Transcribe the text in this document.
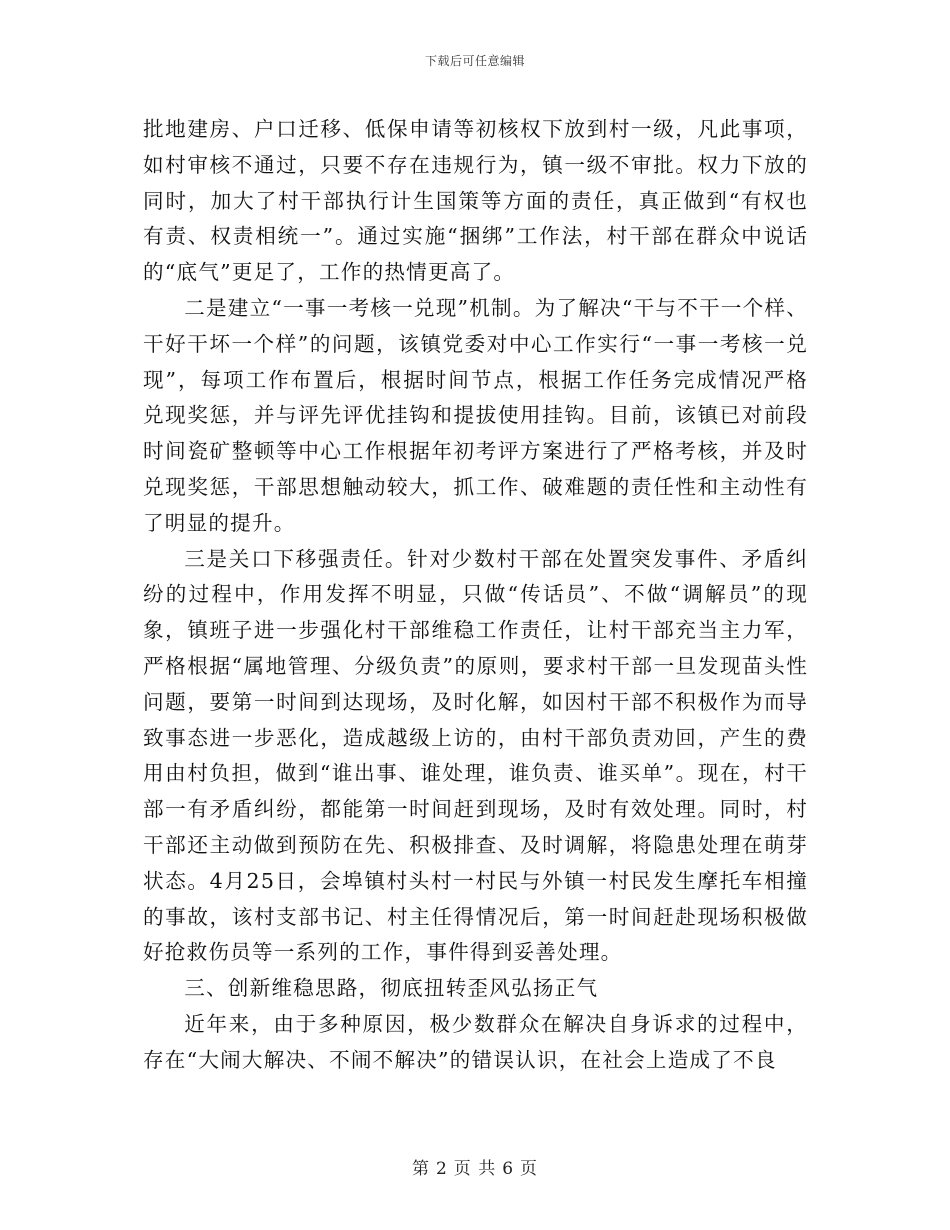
下载后可任意编辑

批地建房、户口迁移、低保申请等初核权下放到村一级，凡此事项，如村审核不通过，只要不存在违规行为，镇一级不审批。权力下放的同时，加大了村干部执行计生国策等方面的责任，真正做到“有权也有责、权责相统一”。通过实施“捆绑”工作法，村干部在群众中说话的“底气”更足了，工作的热情更高了。

二是建立“一事一考核一兑现”机制。为了解决“干与不干一个样、干好干坏一个样”的问题，该镇党委对中心工作实行“一事一考核一兑现”，每项工作布置后，根据时间节点，根据工作任务完成情况严格兑现奖惩，并与评先评优挂钩和提拔使用挂钩。目前，该镇已对前段时间瓷矿整顿等中心工作根据年初考评方案进行了严格考核，并及时兑现奖惩，干部思想触动较大，抓工作、破难题的责任性和主动性有了明显的提升。

三是关口下移强责任。针对少数村干部在处置突发事件、矛盾纠纷的过程中，作用发挥不明显，只做“传话员”、不做“调解员”的现象，镇班子进一步强化村干部维稳工作责任，让村干部充当主力军，严格根据“属地管理、分级负责”的原则，要求村干部一旦发现苗头性问题，要第一时间到达现场，及时化解，如因村干部不积极作为而导致事态进一步恶化，造成越级上访的，由村干部负责劝回，产生的费用由村负担，做到“谁出事、谁处理，谁负责、谁买单”。现在，村干部一有矛盾纠纷，都能第一时间赶到现场，及时有效处理。同时，村干部还主动做到预防在先、积极排查、及时调解，将隐患处理在萌芽状态。4月25日，会埠镇村头村一村民与外镇一村民发生摩托车相撞的事故，该村支部书记、村主任得情况后，第一时间赶赴现场积极做好抢救伤员等一系列的工作，事件得到妥善处理。

三、创新维稳思路，彻底扭转歪风弘扬正气

近年来，由于多种原因，极少数群众在解决自身诉求的过程中，存在“大闹大解决、不闹不解决”的错误认识，在社会上造成了不良

第 2 页 共 6 页
